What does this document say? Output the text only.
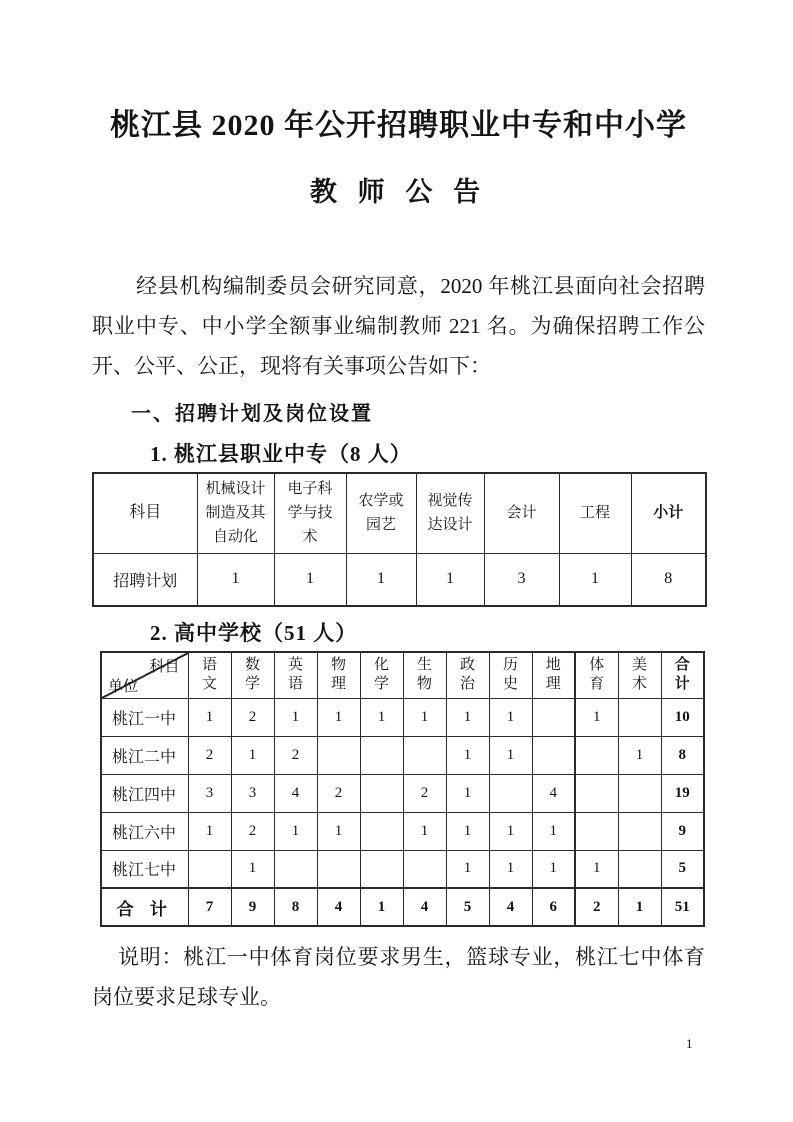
桃江县 2020 年公开招聘职业中专和中小学
教 师 公 告

经县机构编制委员会研究同意，2020 年桃江县面向社会招聘职业中专、中小学全额事业编制教师 221 名。为确保招聘工作公开、公平、公正，现将有关事项公告如下：

一、招聘计划及岗位设置
1. 桃江县职业中专（8 人）
科目	机械设计制造及其自动化	电子科学与技术	农学或园艺	视觉传达设计	会计	工程	小计
招聘计划	1	1	1	1	3	1	8
2. 高中学校（51 人）
科目
单位	语文	数学	英语	物理	化学	生物	政治	历史	地理	体育	美术	合计

桃江一中	1	2	1	1	1	1	1	1		1		10
桃江二中	2	1	2				1	1			1	8
桃江四中	3	3	4	2		2	1		4			19
桃江六中	1	2	1	1		1	1	1	1			9
桃江七中		1					1	1	1	1		5
合 计	7	9	8	4	1	4	5	4	6	2	1	51

说明：桃江一中体育岗位要求男生，篮球专业，桃江七中体育岗位要求足球专业。

1
